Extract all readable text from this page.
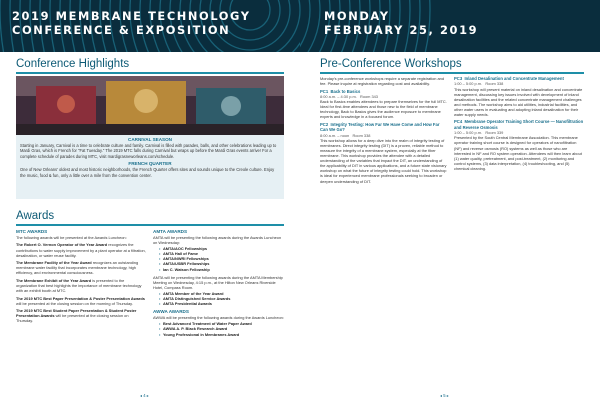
2019 MEMBRANE TECHNOLOGY
CONFERENCE & EXPOSITION
Conference Highlights
CARNIVAL SEASON
Starting in January, Carnival is a time to celebrate culture and family. Carnival is filled with parades, balls, and other celebrations leading up to Mardi Gras, which is French for "Fat Tuesday." The 2019 MTC falls during Carnival but wraps up before the Mardi Gras events arrive! For a complete schedule of parades during MTC, visit mardigrasneworleans.com/schedule.
FRENCH QUARTER
One of New Orleans' oldest and most historic neighborhoods, the French Quarter offers sites and sounds unique to the Creole culture. Enjoy the music, food & fun, only a little over a mile from the convention center.
Awards
MTC AWARDS
The following awards will be presented at the Awards Luncheon:
The Robert O. Vernon Operator of the Year Award recognizes the contributions to water supply improvement by a plant operator at a filtration, desalination, or water reuse facility.
The Membrane Facility of the Year Award recognizes an outstanding membrane water facility that incorporates membrane technology, high efficiency, and environmental consciousness.
The Membrane Exhibit of the Year Award is presented to the organization that best highlights the importance of membrane technology with an exhibit booth at MTC.
The 2019 MTC Best Paper Presentation & Poster Presentation Awards will be presented at the closing session on the morning of Thursday.
The 2019 MTC Best Student Paper Presentation & Student Poster Presentation Awards will be presented at the closing session on Thursday.
AMTA AWARDS
AMTA will be presenting the following awards during the Awards Luncheon on Wednesday:
• AMTA/AOC Fellowships
• AMTA Hall of Fame
• AMTA/NWRI Fellowships
• AMTA/USBR Fellowships
• Ian C. Watson Fellowship
AMTA will be presenting the following awards during the AMTA Membership Meeting on Wednesday, 4:15 p.m., at the Hilton New Orleans Riverside Hotel, Compass Room.
• AMTA Member of the Year Award
• AMTA Distinguished Service Awards
• AMTA Presidential Awards
AWWA AWARDS
AWWA will be presenting the following awards during the Awards Luncheon:
• Best Advanced Treatment of Water Paper Award
• AWWA A. P. Black Research Award
• Young Professional in Membranes Award
◂ 4 ▸
MONDAY
FEBRUARY 25, 2019
Pre-Conference Workshops
Monday's pre-conference workshops require a separate registration and fee. Please inquire at registration regarding cost and availability.
PC1 Back to Basics
8:00 a.m. – 4:30 p.m. Room 343
Back to Basics enables attendees to prepare themselves for the full MTC. Ideal for first-time attendees and those new to the field of membrane technology, Back to Basics gives the audience exposure to membrane experts and knowledge in a focused forum.
PC2 Integrity Testing: How Far We Have Come and How Far Can We Go?
8:00 a.m. – noon Room 338
This workshop allows for a deep dive into the realm of integrity testing of membranes. Direct integrity testing (DIT) is a proven, reliable method to measure the integrity of a membrane system, especially at the fiber membrane. This workshop provides the attendee with a detailed understanding of the variables that impact the DIT, an understanding of the applicability of DIT in various applications, and a future state visionary workshop on what the future of integrity testing could hold. This workshop is ideal for experienced membrane professionals seeking to broaden or deepen understanding of DIT.
PC3 Inland Desalination and Concentrate Management
1:00 – 5:00 p.m. Room 338
This workshop will present material on inland desalination and concentrate management, discussing key issues involved with development of inland desalination facilities and the related concentrate management challenges and methods. The workshop aims to aid utilities, industrial facilities, and other water users in evaluating and adopting inland desalination for their water supply needs.
PC4 Membrane Operator Training Short Course — Nanofiltration and Reverse Osmosis
1:00 – 5:00 p.m. Room 339
Presented by the South Central Membrane Association. This membrane operator training short course is designed for operators of nanofiltration (NF) and reverse osmosis (RO) systems as well as those who are interested in NF and RO system operation. Attendees will then learn about (1) water quality, pretreatment, and post-treatment, (2) monitoring and control systems, (3) data interpretation, (4) troubleshooting, and (5) chemical cleaning.
◂ 5 ▸
